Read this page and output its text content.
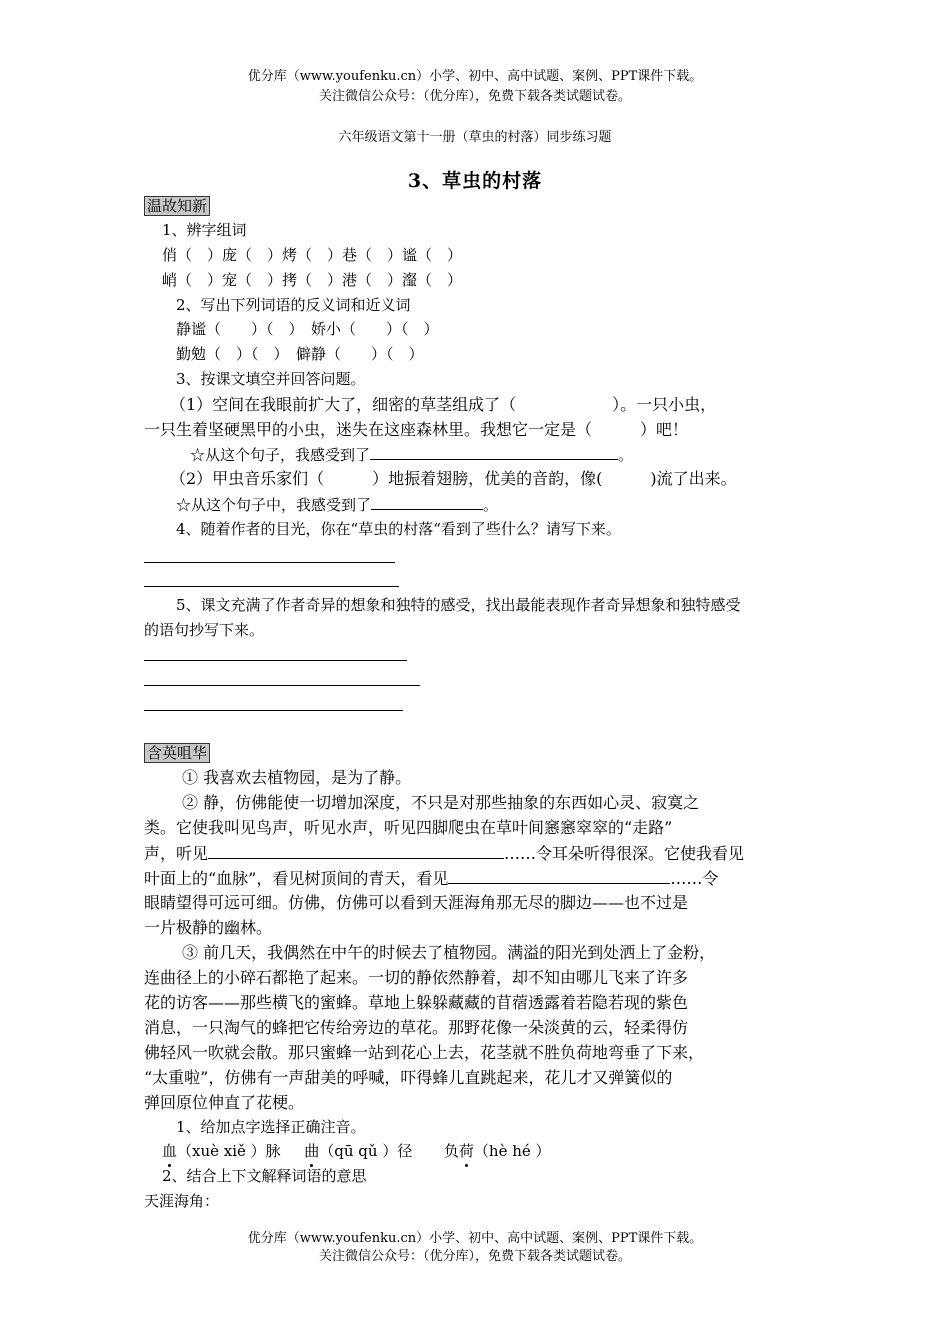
优分库（www.youfenku.cn）小学、初中、高中试题、案例、PPT课件下载。
关注微信公众号：（优分库），免费下载各类试题试卷。
六年级语文第十一册（草虫的村落）同步练习题
3、草虫的村落
温故知新
1、辨字组词
俏（　）庞（　）烤（　）巷（　）谧（　）
峭（　）宠（　）拷（　）港（　）瀣（　）
2、写出下列词语的反义词和近义词
静谧（　　）（　）　娇小（　　）（　）
勤勉（　）（　）　僻静（　　）（　）
3、按课文填空并回答问题。
（1）空间在我眼前扩大了，细密的草茎组成了（　　　　　　）。一只小虫，
一只生着坚硬黑甲的小虫，迷失在这座森林里。我想它一定是（　　　）吧！
☆从这个句子，我感受到了	。
（2）甲虫音乐家们（　　　）地振着翅膀，优美的音韵，像(　　　)流了出来。
☆从这个句子中，我感受到了	。
4、随着作者的目光，你在“草虫的村落“看到了些什么？请写下来。
5、课文充满了作者奇异的想象和独特的感受，找出最能表现作者奇异想象和独特感受
的语句抄写下来。
含英咀华
① 我喜欢去植物园，是为了静。
② 静，仿佛能使一切增加深度，不只是对那些抽象的东西如心灵、寂寞之
类。它使我叫见鸟声，听见水声，听见四脚爬虫在草叶间窸窸窣窣的“走路”
声，听见	……令耳朵听得很深。它使我看见
叶面上的“血脉”，看见树顶间的青天，看见	……令
眼睛望得可远可细。仿佛，仿佛可以看到天涯海角那无尽的脚边——也不过是
一片极静的幽林。
③ 前几天，我偶然在中午的时候去了植物园。满溢的阳光到处洒上了金粉，
连曲径上的小碎石都艳了起来。一切的静依然静着，却不知由哪儿飞来了许多
花的访客——那些横飞的蜜蜂。草地上躲躲藏藏的苜蓿透露着若隐若现的紫色
消息，一只淘气的蜂把它传给旁边的草花。那野花像一朵淡黄的云，轻柔得仿
佛轻风一吹就会散。那只蜜蜂一站到花心上去，花茎就不胜负荷地弯垂了下来，
“太重啦”，仿佛有一声甜美的呼喊，吓得蜂儿直跳起来，花儿才又弹簧似的
弹回原位伸直了花梗。
1、给加点字选择正确注音。
血（xuè xiě ）脉 曲（qū qǔ ）径 负荷（hè hé ）
2、结合上下文解释词语的意思
天涯海角：
优分库（www.youfenku.cn）小学、初中、高中试题、案例、PPT课件下载。
关注微信公众号：（优分库），免费下载各类试题试卷。
